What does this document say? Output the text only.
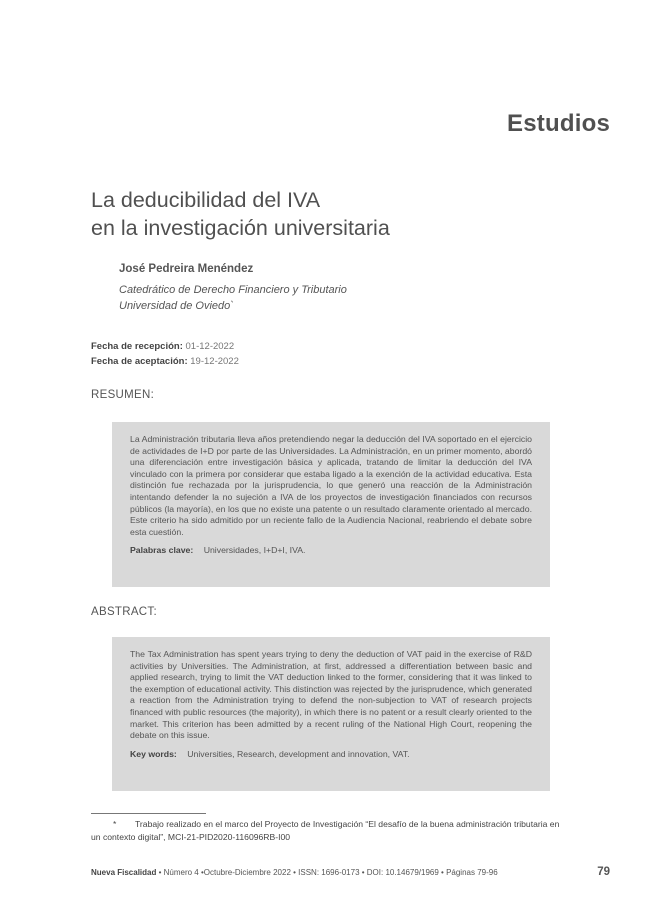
Estudios
La deducibilidad del IVA
en la investigación universitaria
José Pedreira Menéndez
Catedrático de Derecho Financiero y Tributario
Universidad de Oviedo`
Fecha de recepción: 01-12-2022
Fecha de aceptación: 19-12-2022
RESUMEN:

La Administración tributaria lleva años pretendiendo negar la deducción del IVA soportado en el ejercicio de actividades de I+D por parte de las Universidades. La Administración, en un primer momento, abordó una diferenciación entre investigación básica y aplicada, tratando de limitar la deducción del IVA vinculado con la primera por considerar que estaba ligado a la exención de la actividad educativa. Esta distinción fue rechazada por la jurisprudencia, lo que generó una reacción de la Administración intentando defender la no sujeción a IVA de los proyectos de investigación financiados con recursos públicos (la mayoría), en los que no existe una patente o un resultado claramente orientado al mercado. Este criterio ha sido admitido por un reciente fallo de la Audiencia Nacional, reabriendo el debate sobre esta cuestión.

Palabras clave: Universidades, I+D+I, IVA.
ABSTRACT:

The Tax Administration has spent years trying to deny the deduction of VAT paid in the exercise of R&D activities by Universities. The Administration, at first, addressed a differentiation between basic and applied research, trying to limit the VAT deduction linked to the former, considering that it was linked to the exemption of educational activity. This distinction was rejected by the jurisprudence, which generated a reaction from the Administration trying to defend the non-subjection to VAT of research projects financed with public resources (the majority), in which there is no patent or a result clearly oriented to the market. This criterion has been admitted by a recent ruling of the National High Court, reopening the debate on this issue.

Key words: Universities, Research, development and innovation, VAT.
* Trabajo realizado en el marco del Proyecto de Investigación “El desafío de la buena administración tributaria en un contexto digital”, MCI-21-PID2020-116096RB-I00
Nueva Fiscalidad • Número 4 •Octubre-Diciembre 2022 • ISSN: 1696-0173 • DOI: 10.14679/1969 • Páginas 79-96	79
